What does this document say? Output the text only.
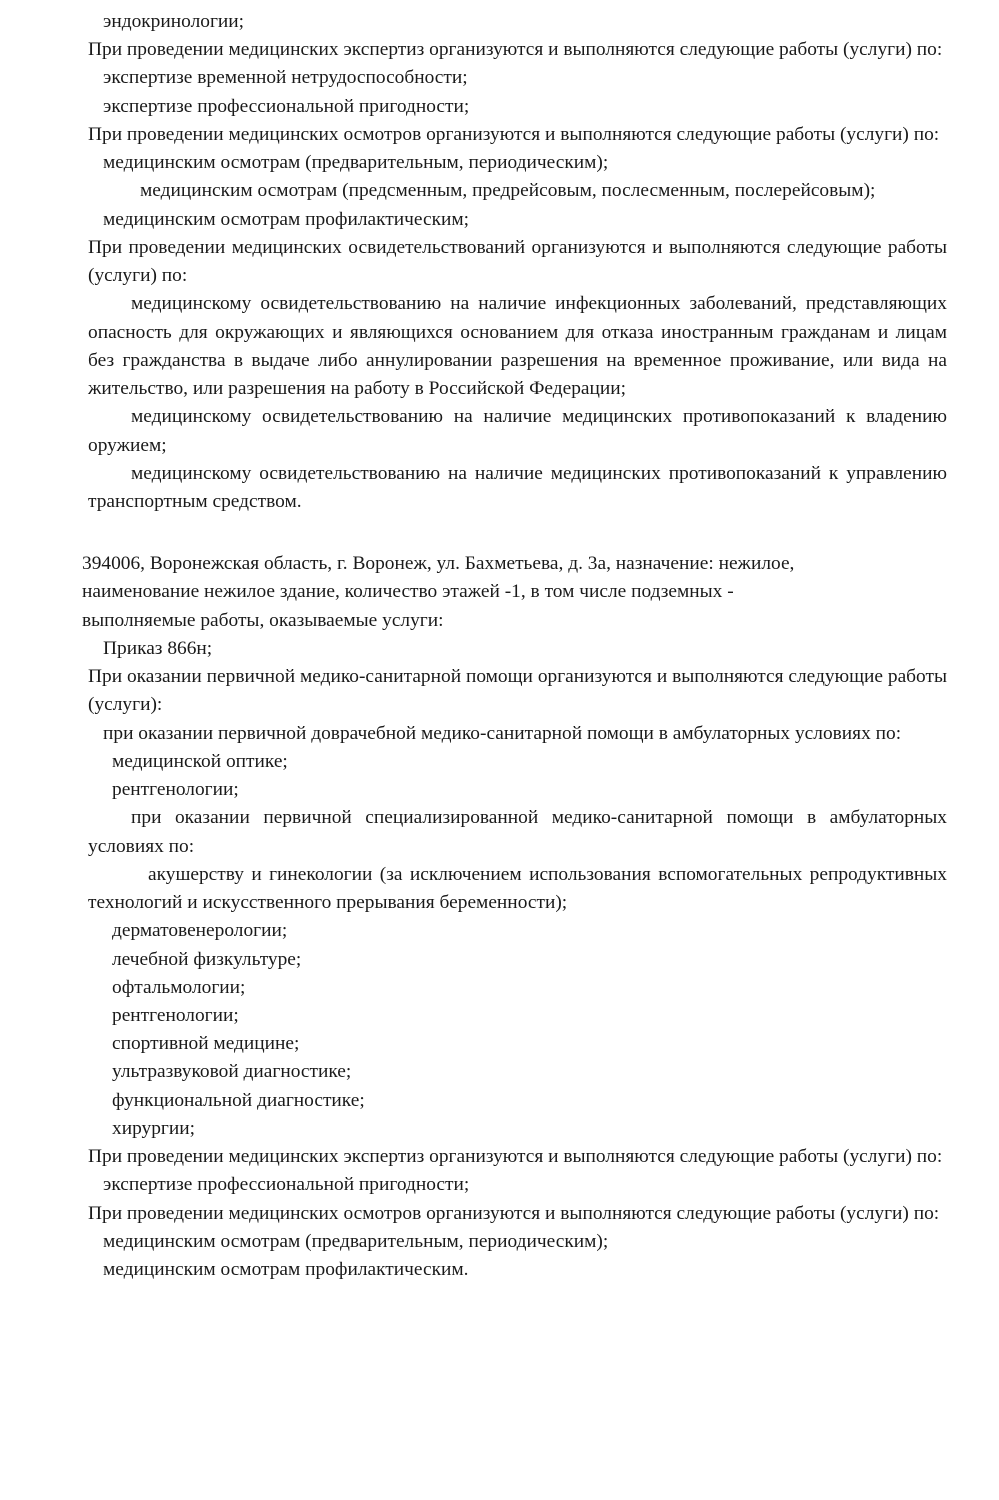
эндокринологии;

При проведении медицинских экспертиз организуются и выполняются следующие работы (услуги) по:

экспертизе временной нетрудоспособности;

экспертизе профессиональной пригодности;

При проведении медицинских осмотров организуются и выполняются следующие работы (услуги) по:

медицинским осмотрам (предварительным, периодическим);

медицинским осмотрам (предсменным, предрейсовым, послесменным, послерейсовым);

медицинским осмотрам профилактическим;

При проведении медицинских освидетельствований организуются и выполняются следующие работы (услуги) по:

медицинскому освидетельствованию на наличие инфекционных заболеваний, представляющих опасность для окружающих и являющихся основанием для отказа иностранным гражданам и лицам без гражданства в выдаче либо аннулировании разрешения на временное проживание, или вида на жительство, или разрешения на работу в Российской Федерации;

медицинскому освидетельствованию на наличие медицинских противопоказаний к владению оружием;

медицинскому освидетельствованию на наличие медицинских противопоказаний к управлению транспортным средством.

394006, Воронежская область, г. Воронеж, ул. Бахметьева, д. 3а, назначение: нежилое,

наименование нежилое здание, количество этажей -1, в том числе подземных -

выполняемые работы, оказываемые услуги:

Приказ 866н;

При оказании первичной медико-санитарной помощи организуются и выполняются следующие работы (услуги):

при оказании первичной доврачебной медико-санитарной помощи в амбулаторных условиях по:

медицинской оптике;

рентгенологии;

при оказании первичной специализированной медико-санитарной помощи в амбулаторных условиях по:

акушерству и гинекологии (за исключением использования вспомогательных репродуктивных технологий и искусственного прерывания беременности);

дерматовенерологии;

лечебной физкультуре;

офтальмологии;

рентгенологии;

спортивной медицине;

ультразвуковой диагностике;

функциональной диагностике;

хирургии;

При проведении медицинских экспертиз организуются и выполняются следующие работы (услуги) по:

экспертизе профессиональной пригодности;

При проведении медицинских осмотров организуются и выполняются следующие работы (услуги) по:

медицинским осмотрам (предварительным, периодическим);

медицинским осмотрам профилактическим.
